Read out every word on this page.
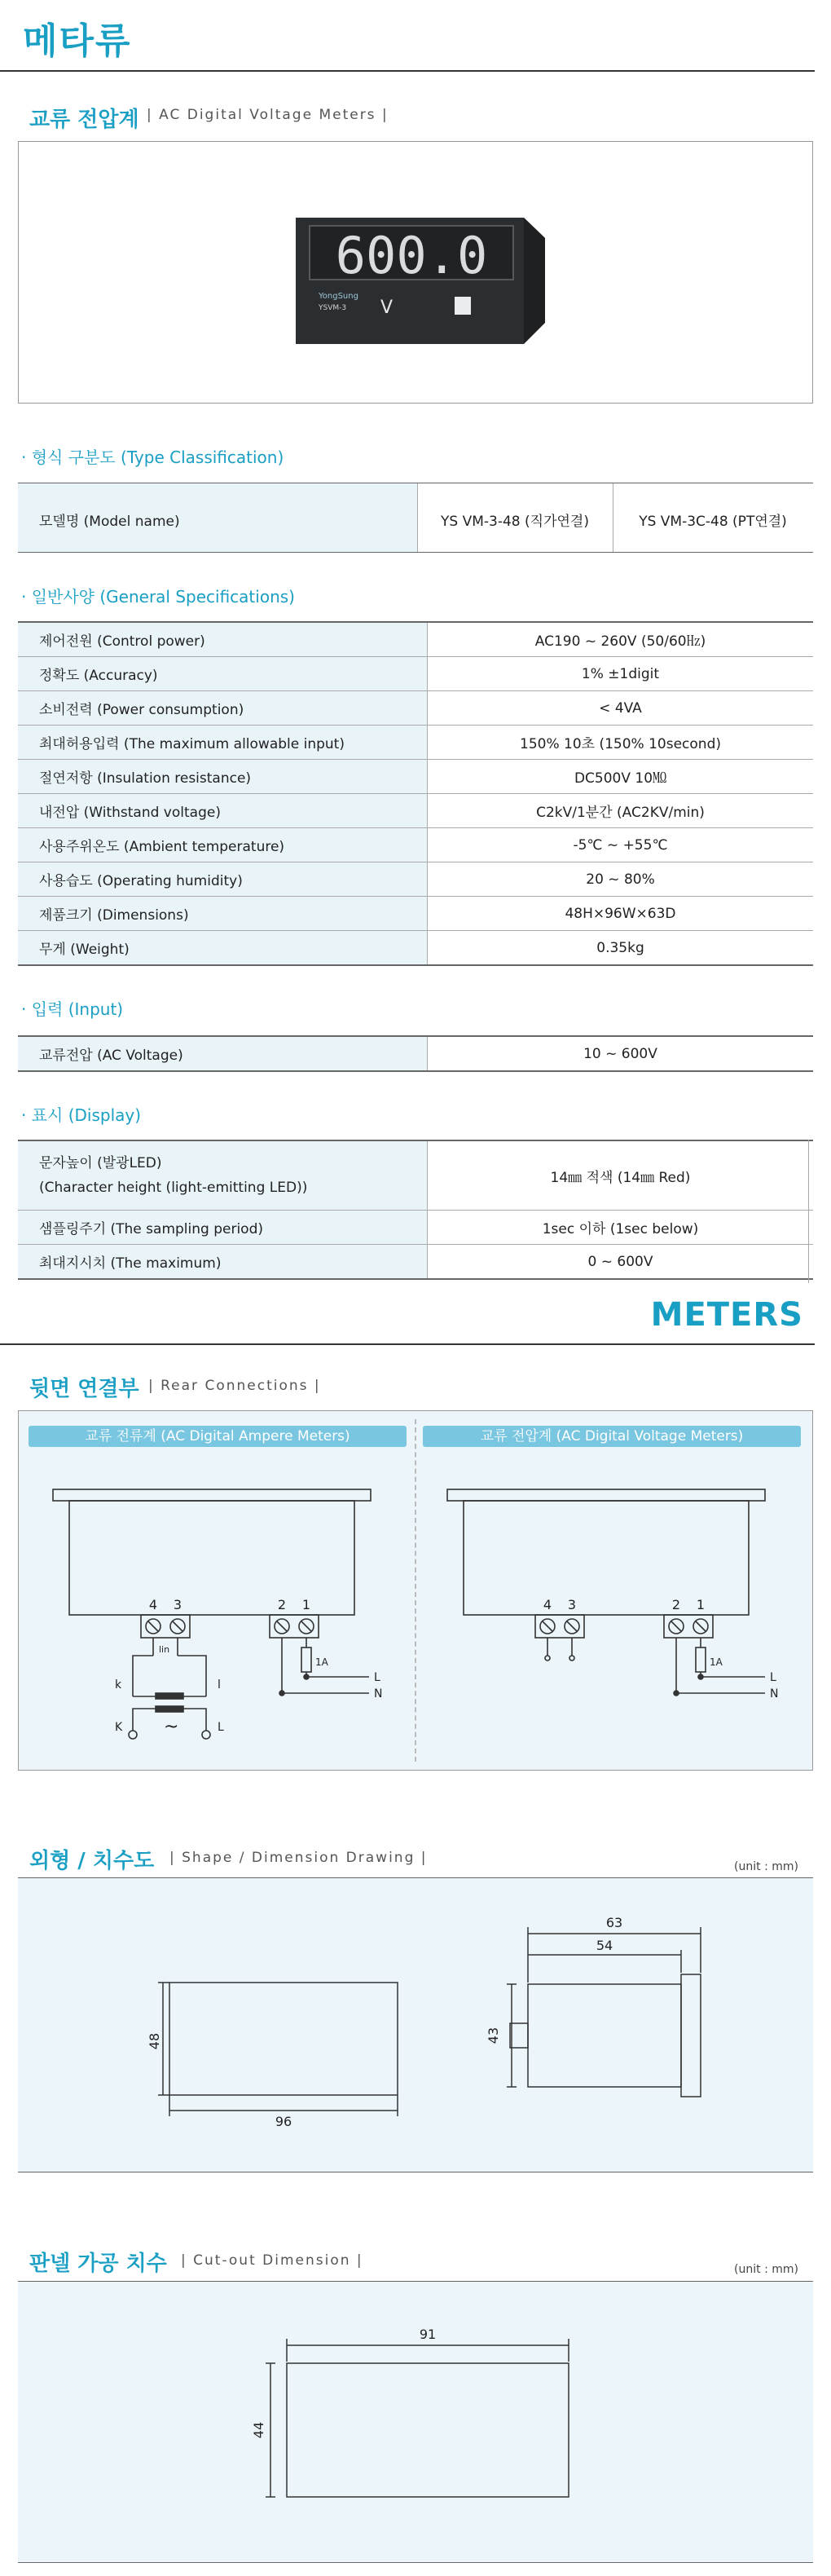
메타류
교류 전압계 | AC Digital Voltage Meters |
600.0
YongSung
YSVM-3 V
· 형식 구분도 (Type Classification)
모델명 (Model name)	YS VM-3-48 (직가연결)	YS VM-3C-48 (PT연결)
· 일반사양 (General Specifications)
제어전원 (Control power)	AC190 ~ 260V (50/60㎐)
정확도 (Accuracy)	1% ±1digit
소비전력 (Power consumption)	< 4VA
최대허용입력 (The maximum allowable input)	150% 10초 (150% 10second)
절연저항 (Insulation resistance)	DC500V 10㏁
내전압 (Withstand voltage)	C2kV/1분간 (AC2KV/min)
사용주위온도 (Ambient temperature)	-5℃ ~ +55℃
사용습도 (Operating humidity)	20 ~ 80%
제품크기 (Dimensions)	48H×96W×63D
무게 (Weight)	0.35kg
· 입력 (Input)
교류전압 (AC Voltage)	10 ~ 600V
· 표시 (Display)
문자높이 (발광LED)
(Character height (light-emitting LED))	14㎜ 적색 (14㎜ Red)
샘플링주기 (The sampling period)	1sec 이하 (1sec below)
최대지시치 (The maximum)	0 ~ 600V
METERS
뒷면 연결부 | Rear Connections |
교류 전류계 (AC Digital Ampere Meters)	교류 전압계 (AC Digital Voltage Meters)
4 3	2 1
lin
1A
L
N
k	l
K	L
~
4 3	2 1
1A
L
N
외형 / 치수도 | Shape / Dimension Drawing |
(unit : mm)
48
96
63
54
43
판넬 가공 치수 | Cut-out Dimension |
(unit : mm)
91
44
